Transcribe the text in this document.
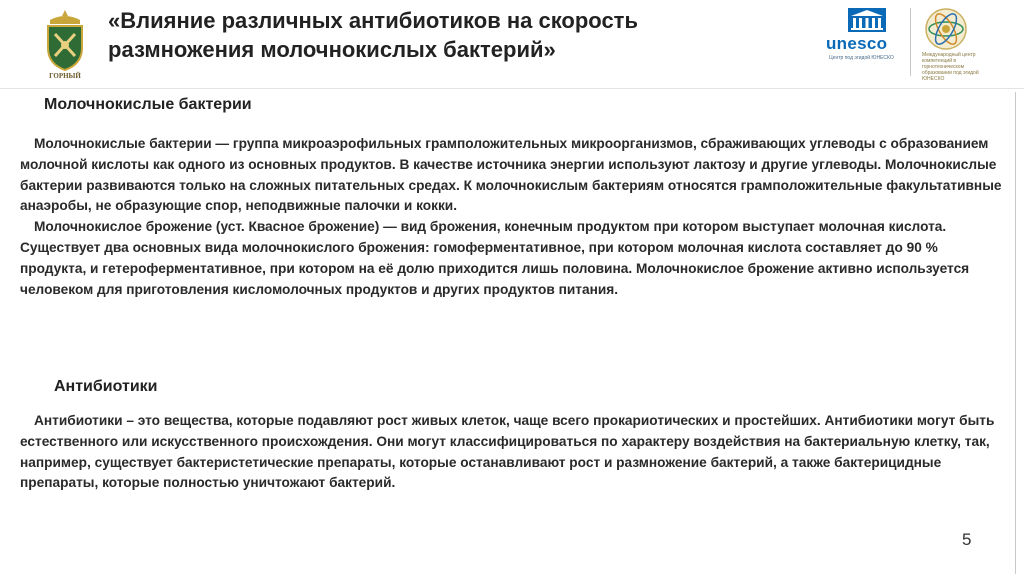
ГОРНЫЙ
«Влияние различных антибиотиков на скорость размножения молочнокислых бактерий»	unesco
Центр под эгидой ЮНЕСКО	Международный центр компетенций в горнотехническом образовании под эгидой ЮНЕСКО
Молочнокислые бактерии

Молочнокислые бактерии — группа микроаэрофильных грамположительных микроорганизмов, сбраживающих углеводы с образованием молочной кислоты как одного из основных продуктов. В качестве источника энергии используют лактозу и другие углеводы. Молочнокислые бактерии развиваются только на сложных питательных средах. К молочнокислым бактериям относятся грамположительные факультативные анаэробы, не образующие спор, неподвижные палочки и кокки.

Молочнокислое брожение (уст. Квасное брожение) — вид брожения, конечным продуктом при котором выступает молочная кислота. Существует два основных вида молочнокислого брожения: гомоферментативное, при котором молочная кислота составляет до 90 % продукта, и гетероферментативное, при котором на её долю приходится лишь половина. Молочнокислое брожение активно используется человеком для приготовления кисломолочных продуктов и других продуктов питания.

Антибиотики

Антибиотики – это вещества, которые подавляют рост живых клеток, чаще всего прокариотических и простейших. Антибиотики могут быть естественного или искусственного происхождения. Они могут классифицироваться по характеру воздействия на бактериальную клетку, так, например, существует бактеристетические препараты, которые останавливают рост и размножение бактерий, а также бактерицидные препараты, которые полностью уничтожают бактерий.

5
